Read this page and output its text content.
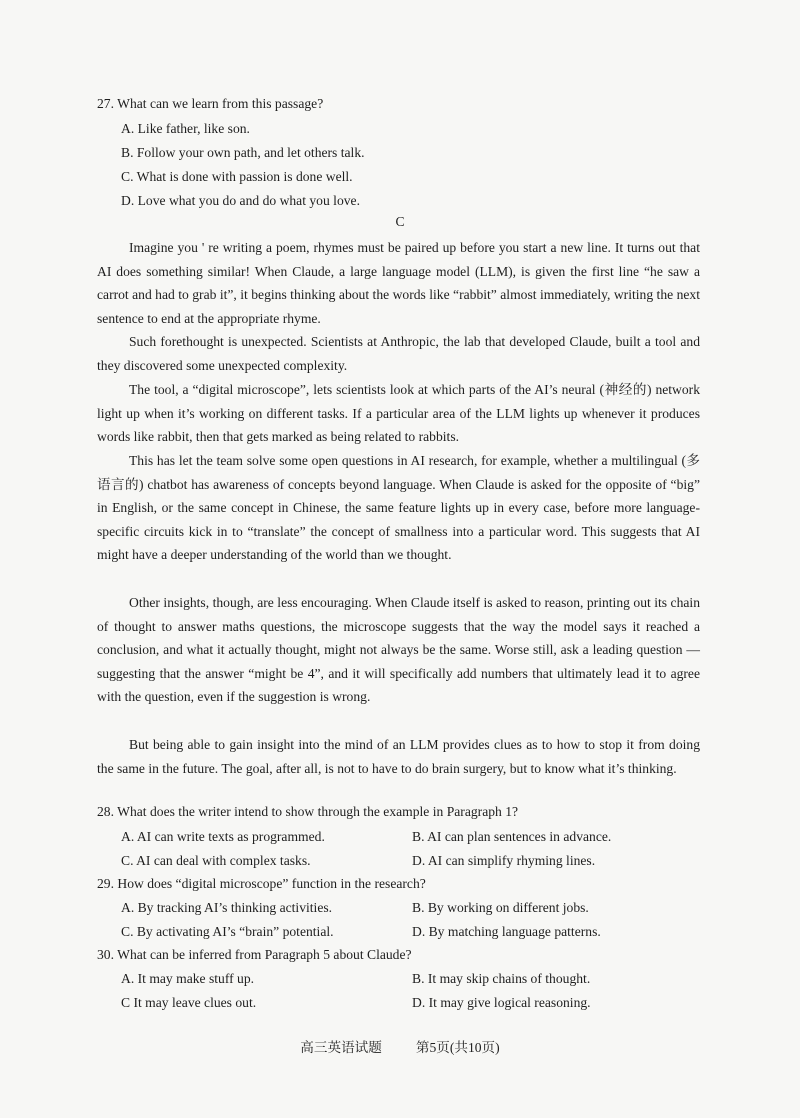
27. What can we learn from this passage?
A. Like father, like son.
B. Follow your own path, and let others talk.
C. What is done with passion is done well.
D. Love what you do and do what you love.
C

Imagine you ' re writing a poem, rhymes must be paired up before you start a new line. It turns out that AI does something similar! When Claude, a large language model (LLM), is given the first line “he saw a carrot and had to grab it”, it begins thinking about the words like “rabbit” almost immediately, writing the next sentence to end at the appropriate rhyme.

Such forethought is unexpected. Scientists at Anthropic, the lab that developed Claude, built a tool and they discovered some unexpected complexity.

The tool, a “digital microscope”, lets scientists look at which parts of the AI’s neural (神经的) network light up when it’s working on different tasks. If a particular area of the LLM lights up whenever it produces words like rabbit, then that gets marked as being related to rabbits.

This has let the team solve some open questions in AI research, for example, whether a multilingual (多语言的) chatbot has awareness of concepts beyond language. When Claude is asked for the opposite of “big” in English, or the same concept in Chinese, the same feature lights up in every case, before more language-specific circuits kick in to “translate” the concept of smallness into a particular word. This suggests that AI might have a deeper understanding of the world than we thought.

Other insights, though, are less encouraging. When Claude itself is asked to reason, printing out its chain of thought to answer maths questions, the microscope suggests that the way the model says it reached a conclusion, and what it actually thought, might not always be the same. Worse still, ask a leading question — suggesting that the answer “might be 4”, and it will specifically add numbers that ultimately lead it to agree with the question, even if the suggestion is wrong.

But being able to gain insight into the mind of an LLM provides clues as to how to stop it from doing the same in the future. The goal, after all, is not to have to do brain surgery, but to know what it’s thinking.

28. What does the writer intend to show through the example in Paragraph 1?
A. AI can write texts as programmed.	B. AI can plan sentences in advance.
C. AI can deal with complex tasks.	D. AI can simplify rhyming lines.
29. How does “digital microscope” function in the research?
A. By tracking AI’s thinking activities.	B. By working on different jobs.
C. By activating AI’s “brain” potential.	D. By matching language patterns.
30. What can be inferred from Paragraph 5 about Claude?
A. It may make stuff up.	B. It may skip chains of thought.
C It may leave clues out.	D. It may give logical reasoning.
高三英语试题	第5页(共10页)
